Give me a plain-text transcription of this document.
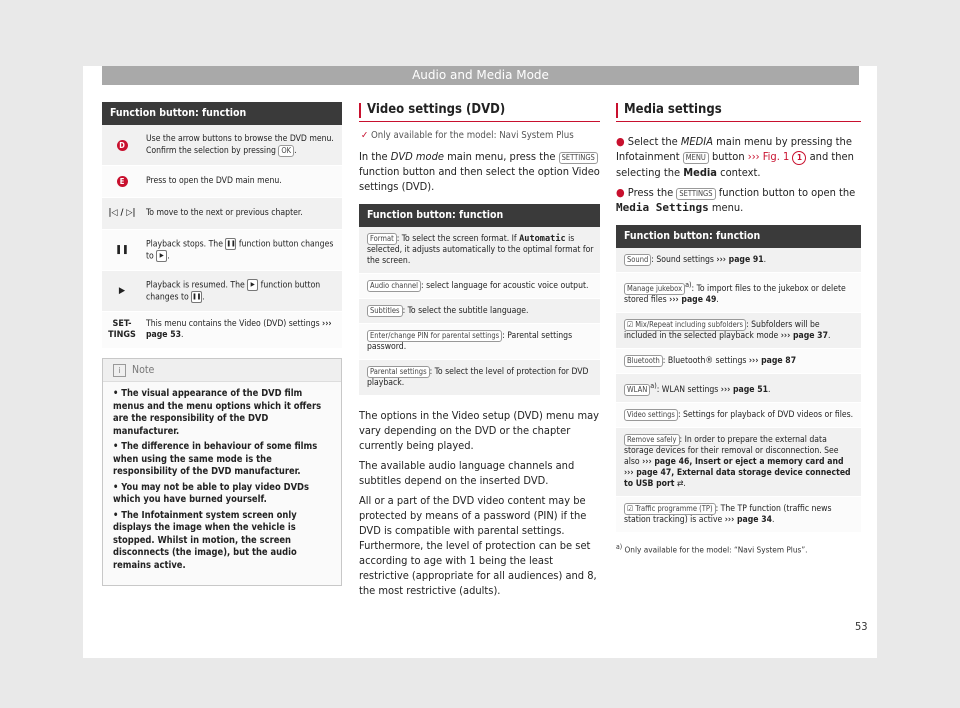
Audio and Media Mode
Function button: function
D
Use the arrow buttons to browse the DVD menu. Confirm the selection by pressing OK .
E	Press to open the DVD main menu.
|◁ / ▷|	To move to the next or previous chapter.
❚❚
Playback stops. The ❚❚ function button changes to ▶ .
▶
Playback is resumed. The ▶ function button changes to ❚❚.
SET-
TINGS
This menu contains the Video (DVD) settings ››› page 53.
i Note

• The visual appearance of the DVD film menus and the menu options which it offers are the responsibility of the DVD manufacturer.

• The difference in behaviour of some films when using the same mode is the responsibility of the DVD manufacturer.

• You may not be able to play video DVDs which you have burned yourself.

• The Infotainment system screen only displays the image when the vehicle is stopped. Whilst in motion, the screen disconnects (the image), but the audio remains active.

Video settings (DVD)
✓ Only available for the model: Navi System Plus
In the DVD mode main menu, press the SETTINGS function button and then select the option Video settings (DVD).
Function button: function
Format : To select the screen format. If Automatic is selected, it adjusts automatically to the optimal format for the screen.
Audio channel : select language for acoustic voice output.
Subtitles : To select the subtitle language.
Enter/change PIN for parental settings : Parental settings password.
Parental settings : To select the level of protection for DVD playback.

The options in the Video setup (DVD) menu may vary depending on the DVD or the chapter currently being played.

The available audio language channels and subtitles depend on the inserted DVD.

All or a part of the DVD video content may be protected by means of a password (PIN) if the DVD is compatible with parental settings. Furthermore, the level of protection can be set according to age with 1 being the least restrictive (appropriate for all audiences) and 8, the most restrictive (adults).

Media settings

● Select the MEDIA main menu by pressing the Infotainment MENU button ››› Fig. 1 1 and then selecting the Media context.

● Press the SETTINGS function button to open the Media Settings menu.

Function button: function
Sound : Sound settings ››› page 91.
Manage jukebox $^{a)}$: To import files to the jukebox or delete stored files ››› page 49.
☑ Mix/Repeat including subfolders : Subfolders will be included in the selected playback mode ››› page 37.
Bluetooth : Bluetooth® settings ››› page 87
WLAN $^{a)}$: WLAN settings ››› page 51.
Video settings : Settings for playback of DVD videos or files.
Remove safely : In order to prepare the external data storage devices for their removal or disconnection. See also ››› page 46, Insert or eject a memory card and ››› page 47, External data storage device connected to USB port ⇄.
☑ Traffic programme (TP) : The TP function (traffic news station tracking) is active ››› page 34.
$^{a)}$ Only available for the model: “Navi System Plus”.
53
